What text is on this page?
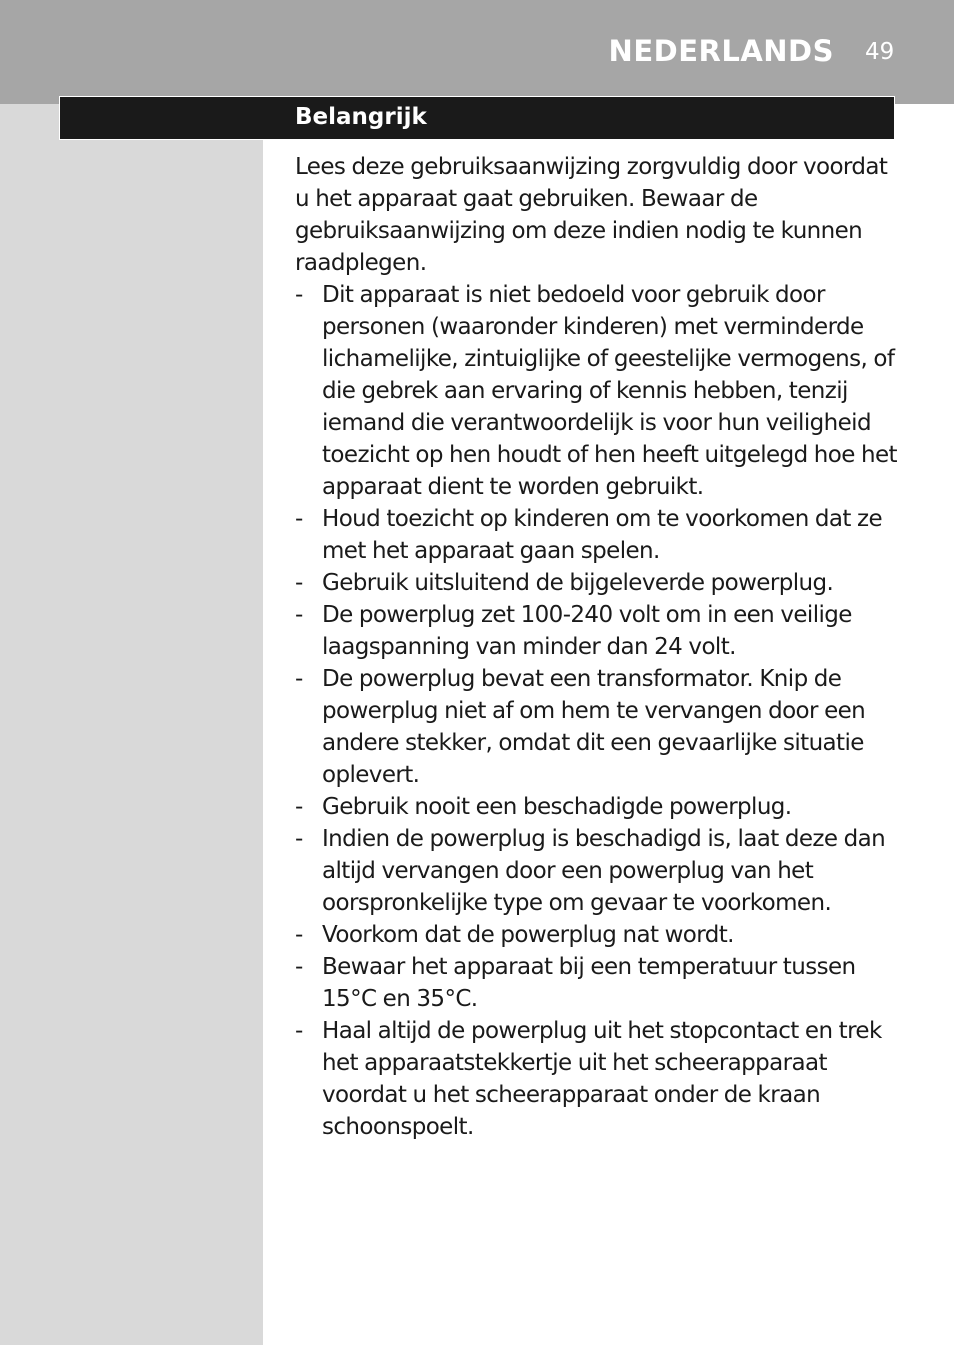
NEDERLANDS 49
Belangrijk

Lees deze gebruiksaanwijzing zorgvuldig door voordat u het apparaat gaat gebruiken. Bewaar de gebruiksaanwijzing om deze indien nodig te kunnen raadplegen.

- Dit apparaat is niet bedoeld voor gebruik door personen (waaronder kinderen) met verminderde lichamelijke, zintuiglijke of geestelijke vermogens, of die gebrek aan ervaring of kennis hebben, tenzij iemand die verantwoordelijk is voor hun veiligheid toezicht op hen houdt of hen heeft uitgelegd hoe het apparaat dient te worden gebruikt.
- Houd toezicht op kinderen om te voorkomen dat ze met het apparaat gaan spelen.
- Gebruik uitsluitend de bijgeleverde powerplug.
- De powerplug zet 100-240 volt om in een veilige laagspanning van minder dan 24 volt.
- De powerplug bevat een transformator. Knip de powerplug niet af om hem te vervangen door een andere stekker, omdat dit een gevaarlijke situatie oplevert.
- Gebruik nooit een beschadigde powerplug.
- Indien de powerplug is beschadigd is, laat deze dan altijd vervangen door een powerplug van het oorspronkelijke type om gevaar te voorkomen.
- Voorkom dat de powerplug nat wordt.
- Bewaar het apparaat bij een temperatuur tussen 15°C en 35°C.
- Haal altijd de powerplug uit het stopcontact en trek het apparaatstekkertje uit het scheerapparaat voordat u het scheerapparaat onder de kraan schoonspoelt.
